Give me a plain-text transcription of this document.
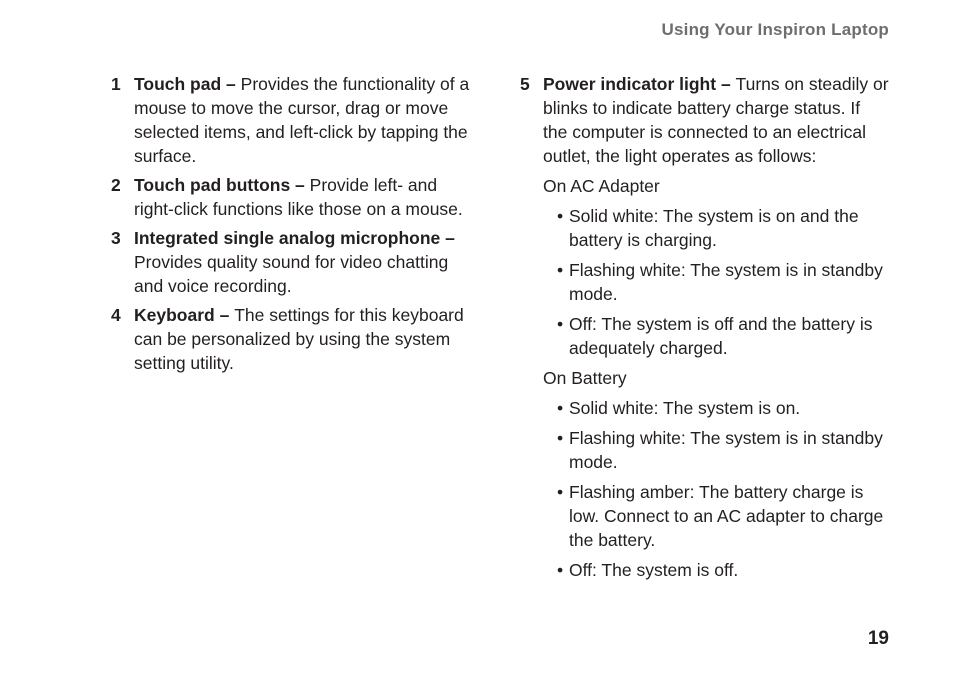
Using Your Inspiron Laptop
1 Touch pad – Provides the functionality of a mouse to move the cursor, drag or move selected items, and left-click by tapping the surface.
2 Touch pad buttons – Provide left- and right-click functions like those on a mouse.
3 Integrated single analog microphone – Provides quality sound for video chatting and voice recording.
4 Keyboard – The settings for this keyboard can be personalized by using the system setting utility.
5 Power indicator light – Turns on steadily or blinks to indicate battery charge status. If the computer is connected to an electrical outlet, the light operates as follows:
On AC Adapter
• Solid white: The system is on and the battery is charging.
• Flashing white: The system is in standby mode.
• Off: The system is off and the battery is adequately charged.
On Battery
• Solid white: The system is on.
• Flashing white: The system is in standby mode.
• Flashing amber: The battery charge is low. Connect to an AC adapter to charge the battery.
• Off: The system is off.
19
